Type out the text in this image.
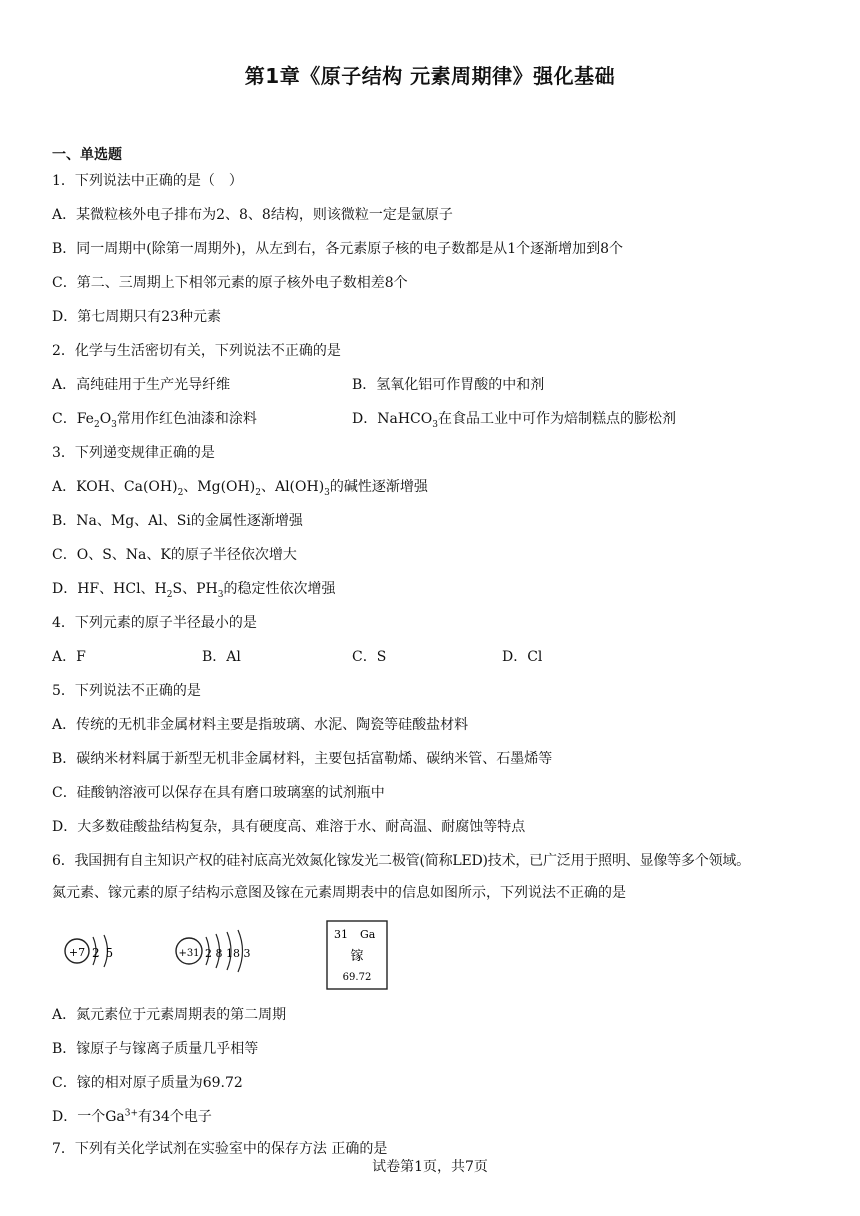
第1章《原子结构 元素周期律》强化基础
一、单选题
1．下列说法中正确的是（　）
A．某微粒核外电子排布为2、8、8结构，则该微粒一定是氩原子
B．同一周期中(除第一周期外)，从左到右，各元素原子核的电子数都是从1个逐渐增加到8个
C．第二、三周期上下相邻元素的原子核外电子数相差8个
D．第七周期只有23种元素
2．化学与生活密切有关，下列说法不正确的是
A．高纯硅用于生产光导纤维	B．氢氧化铝可作胃酸的中和剂
C．$Fe_2O_3$常用作红色油漆和涂料	D．NaHCO$_3$在食品工业中可作为焙制糕点的膨松剂
3．下列递变规律正确的是
A．KOH、$Ca(OH)_2$、$Mg(OH)_2$、$Al(OH)_3$的碱性逐渐增强
B．Na、Mg、Al、Si的金属性逐渐增强
C．O、S、Na、K的原子半径依次增大
D．HF、HCl、$H_2S$、$PH_3$的稳定性依次增强
4．下列元素的原子半径最小的是
A．F	B．Al	C．S	D．Cl
5．下列说法不正确的是
A．传统的无机非金属材料主要是指玻璃、水泥、陶瓷等硅酸盐材料
B．碳纳米材料属于新型无机非金属材料，主要包括富勒烯、碳纳米管、石墨烯等
C．硅酸钠溶液可以保存在具有磨口玻璃塞的试剂瓶中
D．大多数硅酸盐结构复杂，具有硬度高、难溶于水、耐高温、耐腐蚀等特点
6．我国拥有自主知识产权的硅衬底高光效氮化镓发光二极管(简称LED)技术，已广泛用于照明、显像等多个领域。
氮元素、镓元素的原子结构示意图及镓在元素周期表中的信息如图所示，下列说法不正确的是
+7 2 5	+31 2 8 18 3
31 Ga
镓
69.72
A．氮元素位于元素周期表的第二周期
B．镓原子与镓离子质量几乎相等
C．镓的相对原子质量为69.72
D．一个$Ga^{3+}$有34个电子
7．下列有关化学试剂在实验室中的保存方法 正确的是
试卷第1页，共7页
